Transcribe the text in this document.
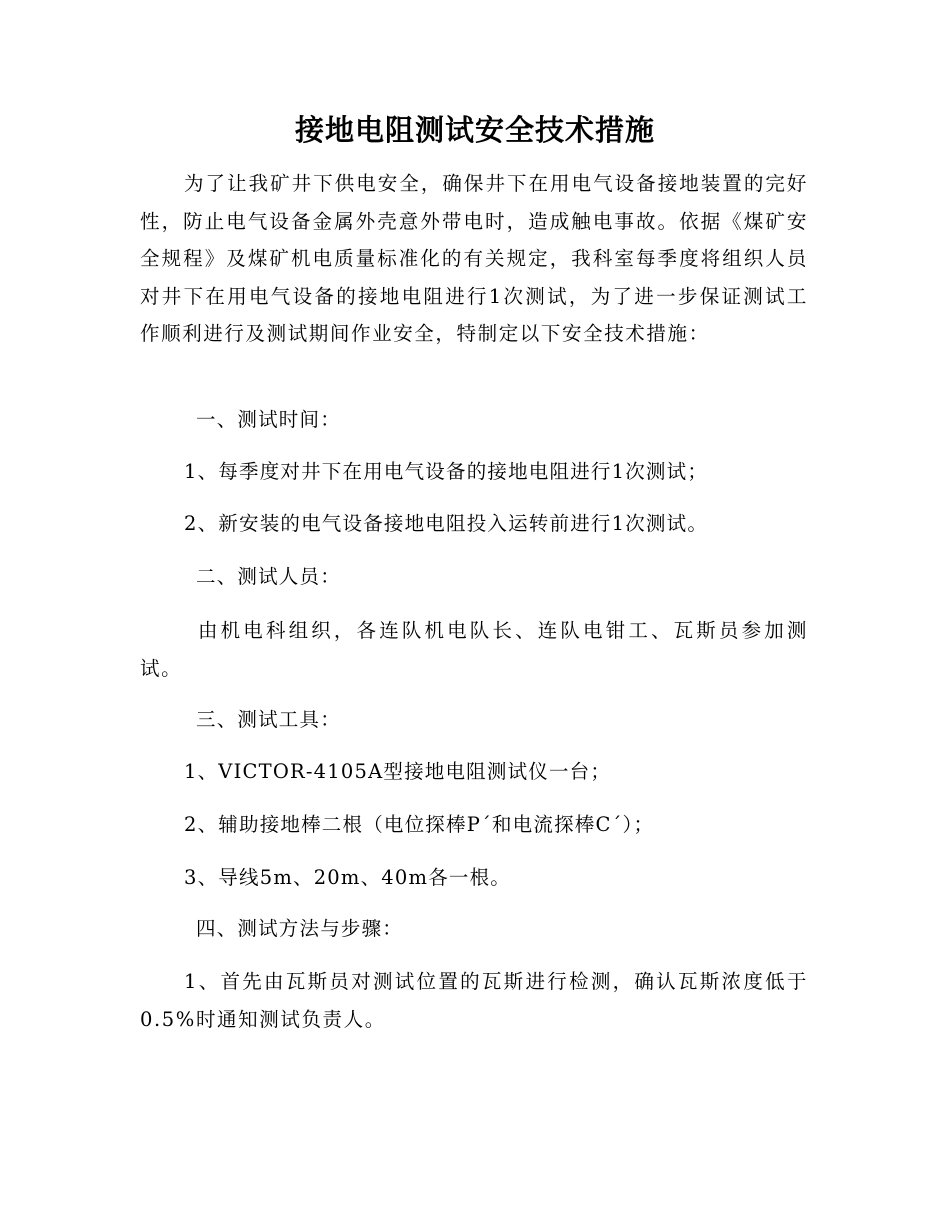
接地电阻测试安全技术措施

为了让我矿井下供电安全，确保井下在用电气设备接地装置的完好性，防止电气设备金属外壳意外带电时，造成触电事故。依据《煤矿安全规程》及煤矿机电质量标准化的有关规定，我科室每季度将组织人员对井下在用电气设备的接地电阻进行1次测试，为了进一步保证测试工作顺利进行及测试期间作业安全，特制定以下安全技术措施：

一、测试时间：
1、每季度对井下在用电气设备的接地电阻进行1次测试；
2、新安装的电气设备接地电阻投入运转前进行1次测试。
二、测试人员：

由机电科组织，各连队机电队长、连队电钳工、瓦斯员参加测试。

三、测试工具：
1、VICTOR-4105A型接地电阻测试仪一台；
2、辅助接地棒二根（电位探棒P´和电流探棒C´）；
3、导线5m、20m、40m各一根。
四、测试方法与步骤：

1、首先由瓦斯员对测试位置的瓦斯进行检测，确认瓦斯浓度低于0.5%时通知测试负责人。
